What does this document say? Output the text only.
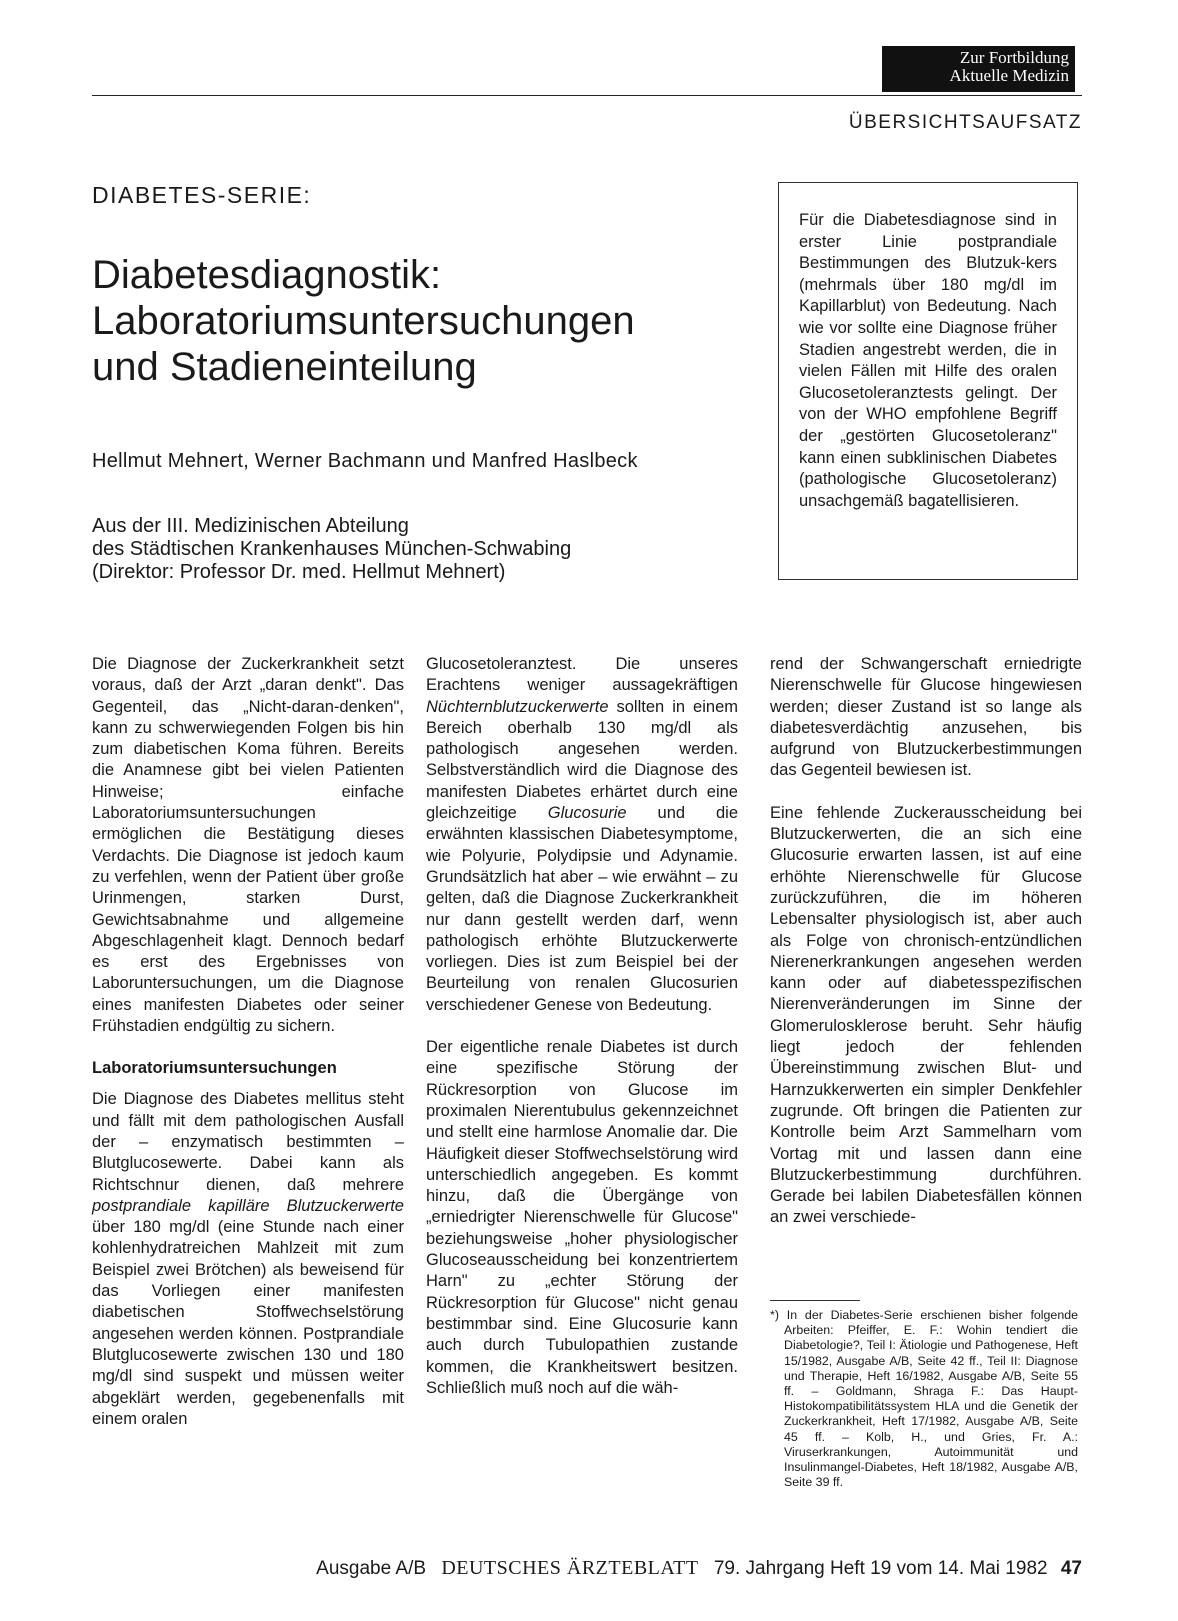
Zur Fortbildung
Aktuelle Medizin
ÜBERSICHTSAUFSATZ
DIABETES-SERIE:
Diabetesdiagnostik:
Laboratoriumsuntersuchungen
und Stadieneinteilung
Hellmut Mehnert, Werner Bachmann und Manfred Haslbeck
Aus der III. Medizinischen Abteilung
des Städtischen Krankenhauses München-Schwabing
(Direktor: Professor Dr. med. Hellmut Mehnert)
Für die Diabetesdiagnose sind in erster Linie postprandiale Bestimmungen des Blutzuk-kers (mehrmals über 180 mg/dl im Kapillarblut) von Bedeutung. Nach wie vor sollte eine Diagnose früher Stadien angestrebt werden, die in vielen Fällen mit Hilfe des oralen Glucosetoleranztests gelingt. Der von der WHO empfohlene Begriff der „gestörten Glucosetoleranz" kann einen subklinischen Diabetes (pathologische Glucosetoleranz) unsachgemäß bagatellisieren.

Die Diagnose der Zuckerkrankheit setzt voraus, daß der Arzt „daran denkt". Das Gegenteil, das „Nicht-daran-denken", kann zu schwerwiegenden Folgen bis hin zum diabetischen Koma führen. Bereits die Anamnese gibt bei vielen Patienten Hinweise; einfache Laboratoriumsuntersuchungen ermöglichen die Bestätigung dieses Verdachts. Die Diagnose ist jedoch kaum zu verfehlen, wenn der Patient über große Urinmengen, starken Durst, Gewichtsabnahme und allgemeine Abgeschlagenheit klagt. Dennoch bedarf es erst des Ergebnisses von Laboruntersuchungen, um die Diagnose eines manifesten Diabetes oder seiner Frühstadien endgültig zu sichern.

Laboratoriumsuntersuchungen

Die Diagnose des Diabetes mellitus steht und fällt mit dem pathologischen Ausfall der – enzymatisch bestimmten – Blutglucosewerte. Dabei kann als Richtschnur dienen, daß mehrere postprandiale kapilläre Blutzuckerwerte über 180 mg/dl (eine Stunde nach einer kohlenhydratreichen Mahlzeit mit zum Beispiel zwei Brötchen) als beweisend für das Vorliegen einer manifesten diabetischen Stoffwechselstörung angesehen werden können. Postprandiale Blutglucosewerte zwischen 130 und 180 mg/dl sind suspekt und müssen weiter abgeklärt werden, gegebenenfalls mit einem oralen

Glucosetoleranztest. Die unseres Erachtens weniger aussagekräftigen Nüchternblutzuckerwerte sollten in einem Bereich oberhalb 130 mg/dl als pathologisch angesehen werden. Selbstverständlich wird die Diagnose des manifesten Diabetes erhärtet durch eine gleichzeitige Glucosurie und die erwähnten klassischen Diabetesymptome, wie Polyurie, Polydipsie und Adynamie. Grundsätzlich hat aber – wie erwähnt – zu gelten, daß die Diagnose Zuckerkrankheit nur dann gestellt werden darf, wenn pathologisch erhöhte Blutzuckerwerte vorliegen. Dies ist zum Beispiel bei der Beurteilung von renalen Glucosurien verschiedener Genese von Bedeutung.

Der eigentliche renale Diabetes ist durch eine spezifische Störung der Rückresorption von Glucose im proximalen Nierentubulus gekennzeichnet und stellt eine harmlose Anomalie dar. Die Häufigkeit dieser Stoffwechselstörung wird unterschiedlich angegeben. Es kommt hinzu, daß die Übergänge von „erniedrigter Nierenschwelle für Glucose" beziehungsweise „hoher physiologischer Glucoseausscheidung bei konzentriertem Harn" zu „echter Störung der Rückresorption für Glucose" nicht genau bestimmbar sind. Eine Glucosurie kann auch durch Tubulopathien zustande kommen, die Krankheitswert besitzen. Schließlich muß noch auf die wäh-

rend der Schwangerschaft erniedrigte Nierenschwelle für Glucose hingewiesen werden; dieser Zustand ist so lange als diabetesverdächtig anzusehen, bis aufgrund von Blutzuckerbestimmungen das Gegenteil bewiesen ist.

Eine fehlende Zuckerausscheidung bei Blutzuckerwerten, die an sich eine Glucosurie erwarten lassen, ist auf eine erhöhte Nierenschwelle für Glucose zurückzuführen, die im höheren Lebensalter physiologisch ist, aber auch als Folge von chronisch-entzündlichen Nierenerkrankungen angesehen werden kann oder auf diabetesspezifischen Nierenveränderungen im Sinne der Glomerulosklerose beruht. Sehr häufig liegt jedoch der fehlenden Übereinstimmung zwischen Blut- und Harnzukkerwerten ein simpler Denkfehler zugrunde. Oft bringen die Patienten zur Kontrolle beim Arzt Sammelharn vom Vortag mit und lassen dann eine Blutzuckerbestimmung durchführen. Gerade bei labilen Diabetesfällen können an zwei verschiede-

*) In der Diabetes-Serie erschienen bisher folgende Arbeiten: Pfeiffer, E. F.: Wohin tendiert die Diabetologie?, Teil I: Ätiologie und Pathogenese, Heft 15/1982, Ausgabe A/B, Seite 42 ff., Teil II: Diagnose und Therapie, Heft 16/1982, Ausgabe A/B, Seite 55 ff. – Goldmann, Shraga F.: Das Haupt-Histokompatibilitätssystem HLA und die Genetik der Zuckerkrankheit, Heft 17/1982, Ausgabe A/B, Seite 45 ff. – Kolb, H., und Gries, Fr. A.: Viruserkrankungen, Autoimmunität und Insulinmangel-Diabetes, Heft 18/1982, Ausgabe A/B, Seite 39 ff.
Ausgabe A/B DEUTSCHES ÄRZTEBLATT 79. Jahrgang Heft 19 vom 14. Mai 1982 47
